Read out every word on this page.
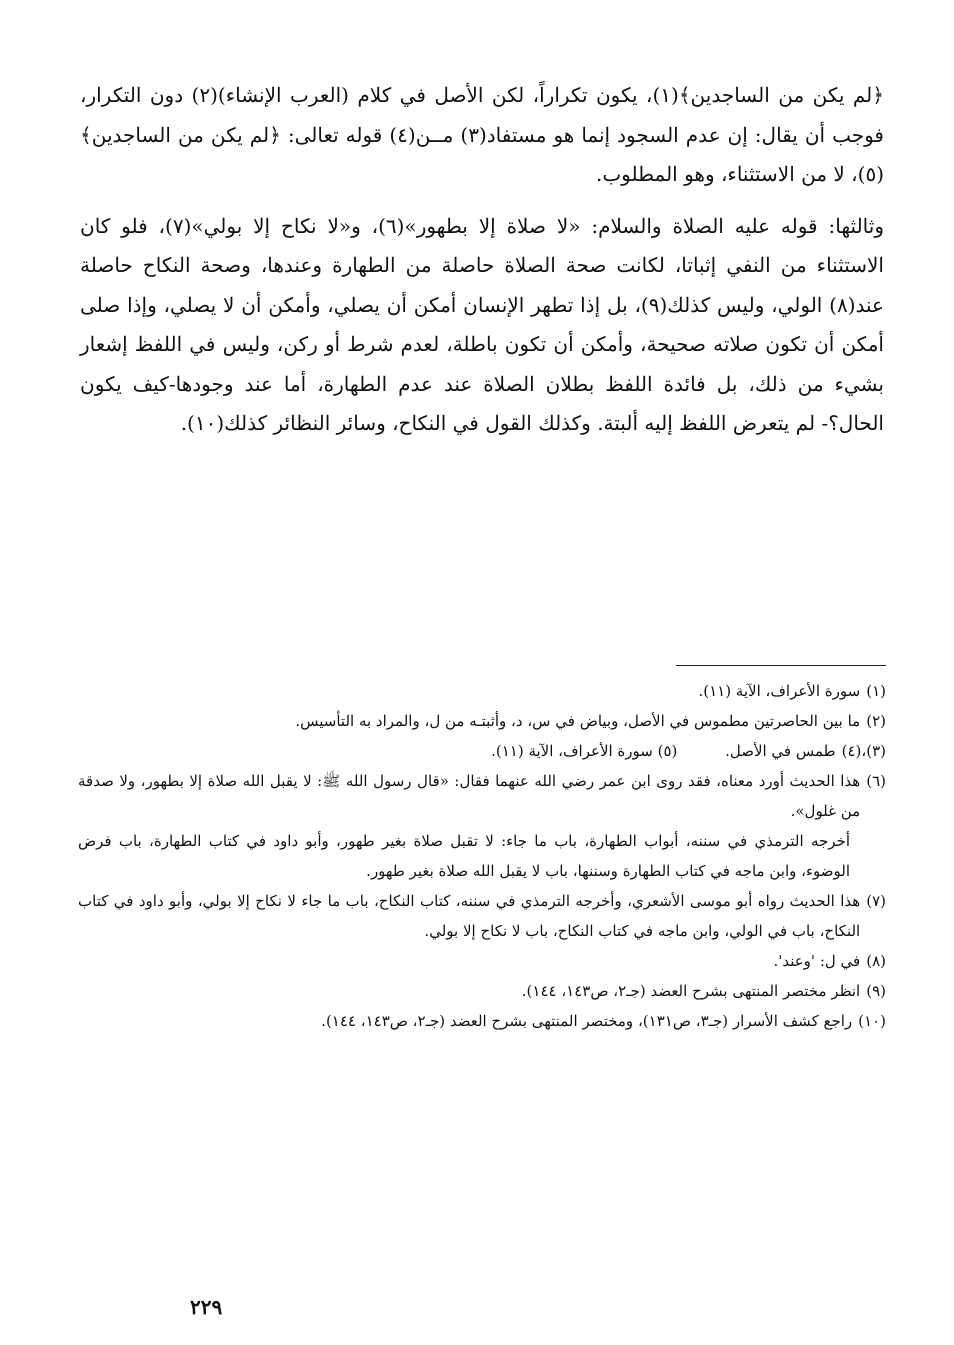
﴿لم يكن من الساجدين﴾(١)، يكون تكراراً، لكن الأصل في كلام (العرب الإنشاء)(٢) دون التكرار، فوجب أن يقال: إن عدم السجود إنما هو مستفاد(٣) مــن(٤) قوله تعالى: ﴿لم يكن من الساجدين﴾(٥)، لا من الاستثناء، وهو المطلوب.

وثالثها: قوله عليه الصلاة والسلام: «لا صلاة إلا بطهور»(٦)، و«لا نكاح إلا بولي»(٧)، فلو كان الاستثناء من النفي إثباتا، لكانت صحة الصلاة حاصلة من الطهارة وعندها، وصحة النكاح حاصلة عند(٨) الولي، وليس كذلك(٩)، بل إذا تطهر الإنسان أمكن أن يصلي، وأمكن أن لا يصلي، وإذا صلى أمكن أن تكون صلاته صحيحة، وأمكن أن تكون باطلة، لعدم شرط أو ركن، وليس في اللفظ إشعار بشيء من ذلك، بل فائدة اللفظ بطلان الصلاة عند عدم الطهارة، أما عند وجودها-كيف يكون الحال؟- لم يتعرض اللفظ إليه ألبتة. وكذلك القول في النكاح، وسائر النظائر كذلك(١٠).

(١)
سورة الأعراف، الآية (١١).
(٢)
ما بين الحاصرتين مطموس في الأصل، وبياض في س، د، وأثبتـه من ل، والمراد به التأسيس.
(٣)،(٤)
طمس في الأصل.          (٥) سورة الأعراف، الآية (١١).
(٦)
هذا الحديث أورد معناه، فقد روى ابن عمر رضي الله عنهما فقال: «قال رسول الله ﷺ: لا يقبل الله صلاة إلا بطهور، ولا صدقة من غلول».
أخرجه الترمذي في سننه، أبواب الطهارة، باب ما جاء: لا تقبل صلاة بغير طهور، وأبو داود في كتاب الطهارة، باب فرض الوضوء، وابن ماجه في كتاب الطهارة وسننها، باب لا يقبل الله صلاة بغير طهور.
(٧)
هذا الحديث رواه أبو موسى الأشعري، وأخرجه الترمذي في سننه، كتاب النكاح، باب ما جاء لا نكاح إلا بولي، وأبو داود في كتاب النكاح، باب في الولي، وابن ماجه في كتاب النكاح، باب لا نكاح إلا بولي.
(٨)
في ل: 'وعند'.
(٩)
انظر مختصر المنتهى بشرح العضد (جـ٢، ص١٤٣، ١٤٤).
(١٠)
راجع كشف الأسرار (جـ٣، ص١٣١)، ومختصر المنتهى بشرح العضد (جـ٢، ص١٤٣، ١٤٤).
٢٢٩
